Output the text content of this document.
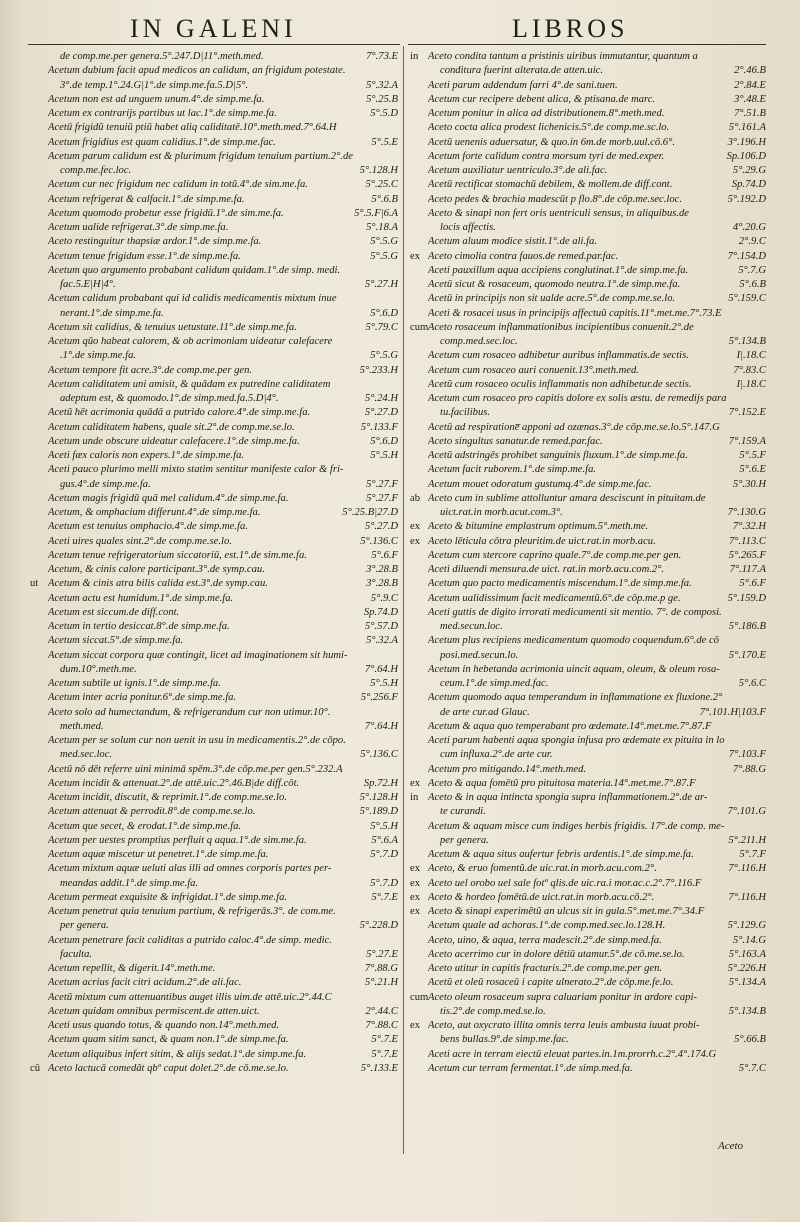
IN GALENI	LIBROS
de comp.me.per genera.5°.247.D|11°.meth.med.	7°.73.E
Acetum dubium facit apud medicos an calidum, an frigidum potestate.
3°.de temp.1°.24.G|1°.de simp.me.fa.5.D|5°.	5°.32.A
Acetum non est ad unguem unum.4°.de simp.me.fa.	5°.25.B
Acetum ex contrarijs partibus ut lac.1°.de simp.me.fa.	5°.5.D
Acetū frigidū tenuiū ptiū habet aliq caliditatē.10°.meth.med.7°.64.H
Acetum frigidius est quam calidius.1°.de simp.me.fac.	5°.5.E
Acetum parum calidum est & plurimum frigidum tenuium partium.2°.de
comp.me.fec.loc.	5°.128.H
Acetum cur nec frigidum nec calidum in totū.4°.de sim.me.fa.	5°.25.C
Acetum refrigerat & calfacit.1°.de simp.me.fa.	5°.6.B
Acetum quomodo probetur esse frigidū.1°.de sim.me.fa.	5°.5.F|6.A
Acetum ualide refrigerat.3°.de simp.me.fa.	5°.18.A
Aceto restinguitur thapsiæ ardor.1°.de simp.me.fa.	5°.5.G
Acetum tenue frigidum esse.1°.de simp.me.fa.	5°.5.G
Acetum quo argumento probabant calidum quidam.1°.de simp. medi.
fac.5.E|H|4°.	5°.27.H
Acetum calidum probabant qui id calidis medicamentis mixtum inue
nerant.1°.de simp.me.fa.	5°.6.D
Acetum sit calidius, & tenuius uetustate.11°.de simp.me.fa.	5°.79.C
Acetum qūo habeat calorem, & ob acrimoniam uideatur calefacere
.1°.de simp.me.fa.	5°.5.G
Acetum tempore fit acre.3°.de comp.me.per gen.	5°.233.H
Acetum caliditatem uni amisit, & quādam ex putredine caliditatem
adeptum est, & quomodo.1°.de simp.med.fa.5.D|4°.	5°.24.H
Acetū hēt acrimonia quādā a putrido calore.4°.de simp.me.fa.	5°.27.D
Acetum caliditatem habens, quale sit.2°.de comp.me.se.lo.	5°.133.F
Acetum unde obscure uideatur calefacere.1°.de simp.me.fa.	5°.6.D
Aceti fæx caloris non expers.1°.de simp.me.fa.	5°.5.H
Aceti pauco plurimo melli mixto statim sentitur manifeste calor & fri-
gus.4°.de simp.me.fa.	5°.27.F
Acetum magis frigidū quā mel calidum.4°.de simp.me.fa.	5°.27.F
Acetum, & omphacium differunt.4°.de simp.me.fa.	5°.25.B|27.D
Acetum est tenuius omphacio.4°.de simp.me.fa.	5°.27.D
Aceti uires quales sint.2°.de comp.me.se.lo.	5°.136.C
Acetum tenue refrigeratorium siccatoriū, est.1°.de sim.me.fa.	5°.6.F
Acetum, & cinis calore participant.3°.de symp.cau.	3°.28.B
ut Acetum & cinis atra bilis calida est.3°.de symp.cau.	3°.28.B
Acetum actu est humidum.1°.de simp.me.fa.	5°.9.C
Acetum est siccum.de diff.cont.	Sp.74.D
Acetum in tertio desiccat.8°.de simp.me.fa.	5°.57.D
Acetum siccat.5°.de simp.me.fa.	5°.32.A
Acetum siccat corpora quæ contingit, licet ad imaginationem sit humi-
dum.10°.meth.me.	7°.64.H
Acetum subtile ut ignis.1°.de simp.me.fa.	5°.5.H
Acetum inter acria ponitur.6°.de simp.me.fa.	5°.256.F
Aceto solo ad humectandum, & refrigerandum cur non utimur.10°.
meth.med.	7°.64.H
Acetum per se solum cur non uenit in usu in medicamentis.2°.de cōpo.
med.sec.loc.	5°.136.C
Acetū nō dēt referre uini minimā spēm.3°.de cōp.me.per gen.5°.232.A
Acetum incidit & attenuat.2°.de attē.uic.2°.46.B|de diff.cōt.	Sp.72.H
Acetum incidit, discutit, & reprimit.1°.de comp.me.se.lo.	5°.128.H
Acetum attenuat & perrodit.8°.de comp.me.se.lo.	5°.189.D
Acetum que secet, & erodat.1°.de simp.me.fa.	5°.5.H
Acetum per uestes promptius perfluit q aqua.1°.de sim.me.fa.	5°.6.A
Acetum aquæ miscetur ut penetret.1°.de simp.me.fa.	5°.7.D
Acetum mixtum aquæ ueluti alas illi ad omnes corporis partes per-
meandas addit.1°.de simp.me.fa.	5°.7.D
Acetum permeat exquisite & infrigidat.1°.de simp.me.fa.	5°.7.E
Acetum penetrat quia tenuium partium, & refrigerās.3°. de com.me.
per genera.	5°.228.D
Acetum penetrare facit caliditas a putrido caloc.4°.de simp. medic.
faculta.	5°.27.E
Acetum repellit, & digerit.14°.meth.me.	7°.88.G
Acetum acrius facit citri acidum.2°.de ali.fac.	5°.21.H
Acetū mixtum cum attenuantibus auget illis uim.de attē.uic.2°.44.C
Acetum quidam omnibus permiscent.de atten.uict.	2°.44.C
Aceti usus quando totus, & quando non.14°.meth.med.	7°.88.C
Acetum quam sitim sanct, & quam non.1°.de simp.me.fa.	5°.7.E
Acetum aliquibus infert sitim, & alijs sedat.1°.de simp.me.fa.	5°.7.E
cū Aceto lactucā comedāt qbº caput dolet.2°.de cō.me.se.lo.	5°.133.E
in Aceto condita tantum a pristinis uiribus immutantur, quantum a
conditura fuerint alterata.de atten.uic.	2°.46.B
Aceti parum addendum farri 4°.de sani.tuen.	2°.84.E
Acetum cur recipere debent alica, & ptisana.de marc.	3°.48.E
Acetum ponitur in alica ad distributionem.8°.meth.med.	7°.51.B
Aceto cocta alica prodest lichenicis.5°.de comp.me.sc.lo.	5°.161.A
Acetū uenenis aduersatur, & quo.in 6m.de morb.uul.cō.6°.	3°.196.H
Acetum forte calidum contra morsum tyri de med.exper.	Sp.106.D
Acetum auxiliatur uentriculo.3°.de ali.fac.	5°.29.G
Acetū rectificat stomachū debilem, & mollem.de diff.cont.	Sp.74.D
Aceto pedes & brachia madescūt p flo.8°.de cōp.me.sec.loc.	5°.192.D
Aceto & sinapi non fert oris uentriculi sensus, in aliquibus.de
locis affectis.	4°.20.G
Acetum aluum modice sistit.1°.de ali.fa.	2°.9.C
ex Aceto cimolia contra fauos.de remed.par.fac.	7°.154.D
Aceti pauxillum aqua accipiens conglutinat.1°.de simp.me.fa.	5°.7.G
Acetū sicut & rosaceum, quomodo neutra.1°.de simp.me.fa.	5°.6.B
Acetū in principijs non sit ualde acre.5°.de comp.me.se.lo.	5°.159.C
Aceti & rosacei usus in principijs affectuū capitis.11°.met.me.7°.73.E
cum Aceto rosaceum inflammationibus incipientibus conuenit.2°.de
comp.med.sec.loc.	5°.134.B
Acetum cum rosaceo adhibetur auribus inflammatis.de sectis.	I|.18.C
Acetum cum rosaceo auri conuenit.13°.meth.med.	7°.83.C
Acetū cum rosaceo oculis inflammatis non adhibetur.de sectis.	I|.18.C
Acetum cum rosaceo pro capitis dolore ex solis æstu. de remedijs para
tu.facilibus.	7°.152.E
Acetū ad respiratione̅ apponi ad ozænas.3°.de cōp.me.se.lo.5°.147.G
Aceto singultus sanatur.de remed.par.fac.	7°.159.A
Acetū adstringēs prohibet sanguinis fluxum.1°.de simp.me.fa.	5°.5.F
Acetum facit ruborem.1°.de simp.me.fa.	5°.6.E
Acetum mouet odoratum gustumq.4°.de simp.me.fac.	5°.30.H
ab Aceto cum in sublime attolluntur amara desciscunt in pituitam.de
uict.rat.in morb.acut.com.3°.	7°.130.G
ex Aceto & bitumine emplastrum optimum.5°.meth.me.	7°.32.H
ex Aceto lēticula cōtra pleuritim.de uict.rat.in morb.acu.	7°.113.C
Acetum cum stercore caprino quale.7°.de comp.me.per gen.	5°.265.F
Aceti diluendi mensura.de uict. rat.in morb.acu.com.2°.	7°.117.A
Acetum quo pacto medicamentis miscendum.1°.de simp.me.fa.	5°.6.F
Acetum ualidissimum facit medicamentū.6°.de cōp.me.p ge.	5°.159.D
Aceti guttis de digito irrorati medicamenti sit mentio. 7°. de composi.
med.secun.loc.	5°.186.B
Acetum plus recipiens medicamentum quomodo coquendum.6°.de cō
posi.med.secun.lo.	5°.170.E
Acetum in hebetanda acrimonia uincit aquam, oleum, & oleum rosa-
ceum.1°.de simp.med.fac.	5°.6.C
Acetum quomodo aqua temperandum in inflammatione ex fluxione.2°
de arte cur.ad Glauc.	7°.101.H|103.F
Acetum & aqua quo temperabant pro œdemate.14°.met.me.7°.87.F
Aceti parum habenti aqua spongia infusa pro œdemate ex pituita in lo
cum influxa.2°.de arte cur.	7°.103.F
Acetum pro mitigando.14°.meth.med.	7°.88.G
ex Aceto & aqua fomētū pro pituitosa materia.14°.met.me.7°.87.F
in Aceto & in aqua intincta spongia supra inflammationem.2°.de ar-
te curandi.	7°.101.G
Acetum & aquam misce cum indiges herbis frigidis. 17°.de comp. me-
per genera.	5°.211.H
Acetum & aqua situs aufertur febris ardentis.1°.de simp.me.fa.	5°.7.F
ex Aceto, & eruo fomentū.de uic.rat.in morb.acu.com.2°.	7°.116.H
ex Aceto uel orobo uel sale fotº qlis.de uic.ra.i mor.ac.c.2°.7°.116.F
ex Aceto & hordeo fomētū.de uict.rat.in morb.acu.cō.2°.	7°.116.H
ex Aceto & sinapi experimētū an ulcus sit in gula.5°.met.me.7°.34.F
Acetum quale ad achoras.1°.de comp.med.sec.lo.128.H.	5°.129.G
Aceto, uino, & aqua, terra madescit.2°.de simp.med.fa.	5°.14.G
Aceto acerrimo cur in dolore dētiū utamur.5°.de cō.me.se.lo.	5°.163.A
Aceto utitur in capitis fracturis.2°.de comp.me.per gen.	5°.226.H
Acetū et oleū rosaceū i capite ulnerato.2°.de cōp.me.fe.lo.	5°.134.A
cum Aceto oleum rosaceum supra caluariam ponitur in ardore capi-
tis.2°.de comp.med.se.lo.	5°.134.B
ex Aceto, aut oxycrato illita omnis terra leuis ambusta iuuat probi-
bens bullas.9°.de simp.me.fac.	5°.66.B
Aceti acre in terram eiectū eleuat partes.in.1m.prorrh.c.2°.4°.174.G
Acetum cur terram fermentat.1°.de simp.med.fa.	5°.7.C
Aceto
